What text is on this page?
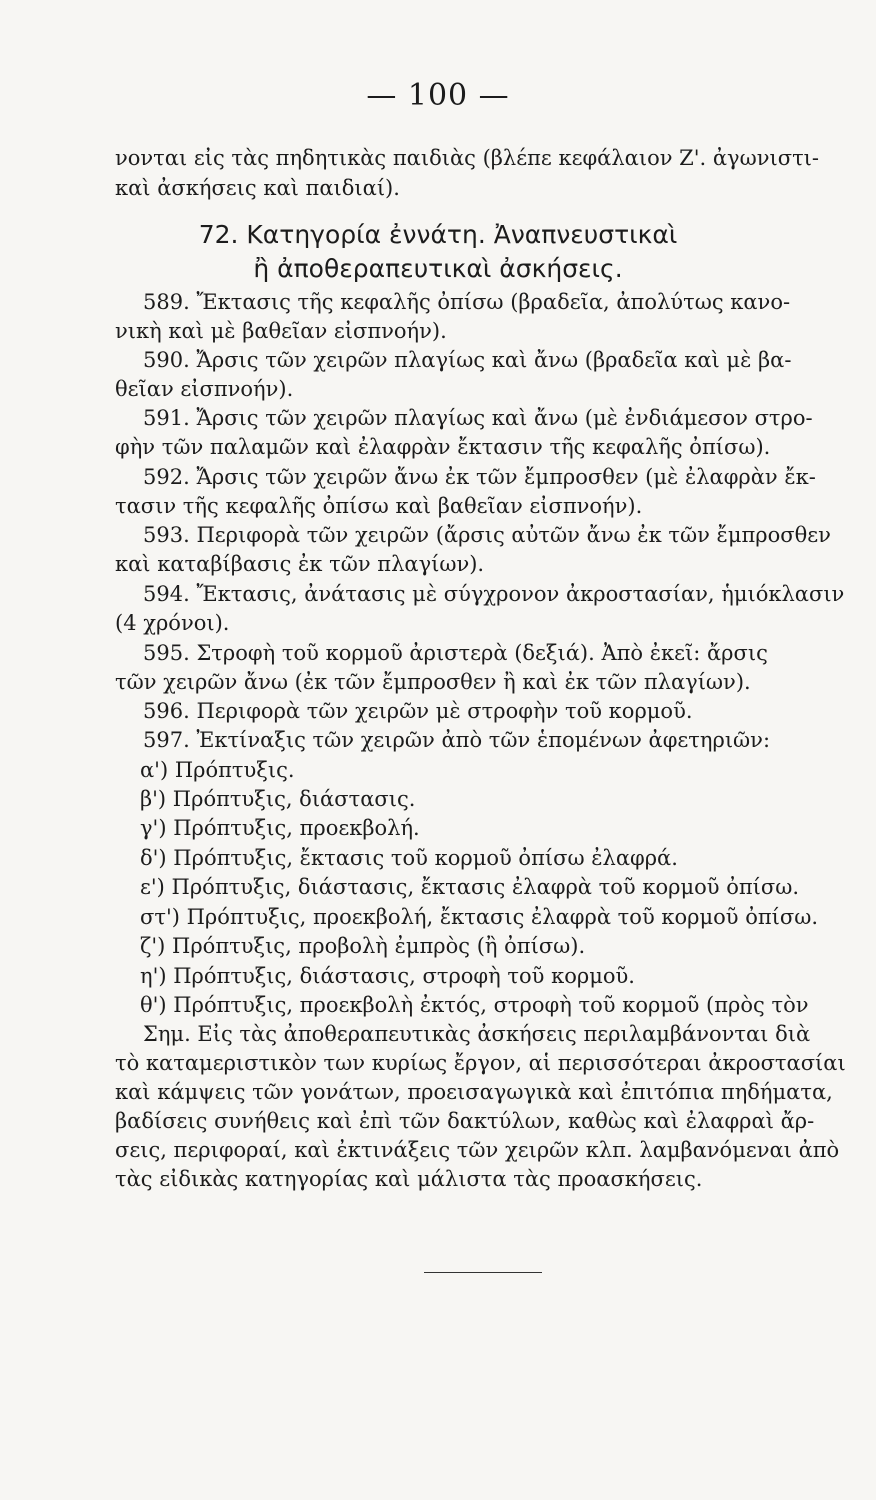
— 100 —
νονται εἰς τὰς πηδητικὰς παιδιὰς (βλέπε κεφάλαιον Ζ'. ἀγωνιστι-
καὶ ἀσκήσεις καὶ παιδιαί).
72. Κατηγορία ἐννάτη. Ἀναπνευστικαὶ
ἢ ἀποθεραπευτικαὶ ἀσκήσεις.
589. Ἔκτασις τῆς κεφαλῆς ὀπίσω (βραδεῖα, ἀπολύτως κανο-
νικὴ καὶ μὲ βαθεῖαν εἰσπνοήν).
590. Ἄρσις τῶν χειρῶν πλαγίως καὶ ἄνω (βραδεῖα καὶ μὲ βα-
θεῖαν εἰσπνοήν).
591. Ἄρσις τῶν χειρῶν πλαγίως καὶ ἄνω (μὲ ἐνδιάμεσον στρο-
φὴν τῶν παλαμῶν καὶ ἐλαφρὰν ἔκτασιν τῆς κεφαλῆς ὀπίσω).
592. Ἄρσις τῶν χειρῶν ἄνω ἐκ τῶν ἔμπροσθεν (μὲ ἐλαφρὰν ἔκ-
τασιν τῆς κεφαλῆς ὀπίσω καὶ βαθεῖαν εἰσπνοήν).
593. Περιφορὰ τῶν χειρῶν (ἄρσις αὐτῶν ἄνω ἐκ τῶν ἔμπροσθεν
καὶ καταβίβασις ἐκ τῶν πλαγίων).
594. Ἔκτασις, ἀνάτασις μὲ σύγχρονον ἀκροστασίαν, ἡμιόκλασιν
(4 χρόνοι).
595. Στροφὴ τοῦ κορμοῦ ἀριστερὰ (δεξιά). Ἀπὸ ἐκεῖ: ἄρσις
τῶν χειρῶν ἄνω (ἐκ τῶν ἔμπροσθεν ἢ καὶ ἐκ τῶν πλαγίων).
596. Περιφορὰ τῶν χειρῶν μὲ στροφὴν τοῦ κορμοῦ.
597. Ἐκτίναξις τῶν χειρῶν ἀπὸ τῶν ἑπομένων ἀφετηριῶν:
α') Πρόπτυξις.
β') Πρόπτυξις, διάστασις.
γ') Πρόπτυξις, προεκβολή.
δ') Πρόπτυξις, ἔκτασις τοῦ κορμοῦ ὀπίσω ἐλαφρά.
ε') Πρόπτυξις, διάστασις, ἔκτασις ἐλαφρὰ τοῦ κορμοῦ ὀπίσω.
στ') Πρόπτυξις, προεκβολή, ἔκτασις ἐλαφρὰ τοῦ κορμοῦ ὀπίσω.
ζ') Πρόπτυξις, προβολὴ ἐμπρὸς (ἢ ὀπίσω).
η') Πρόπτυξις, διάστασις, στροφὴ τοῦ κορμοῦ.
θ') Πρόπτυξις, προεκβολὴ ἐκτός, στροφὴ τοῦ κορμοῦ (πρὸς τὸν
Σημ. Εἰς τὰς ἀποθεραπευτικὰς ἀσκήσεις περιλαμβάνονται διὰ
τὸ καταμεριστικὸν των κυρίως ἔργον, αἱ περισσότεραι ἀκροστασίαι
καὶ κάμψεις τῶν γονάτων, προεισαγωγικὰ καὶ ἐπιτόπια πηδήματα,
βαδίσεις συνήθεις καὶ ἐπὶ τῶν δακτύλων, καθὼς καὶ ἐλαφραὶ ἄρ-
σεις, περιφοραί, καὶ ἐκτινάξεις τῶν χειρῶν κλπ. λαμβανόμεναι ἀπὸ
τὰς εἰδικὰς κατηγορίας καὶ μάλιστα τὰς προασκήσεις.
